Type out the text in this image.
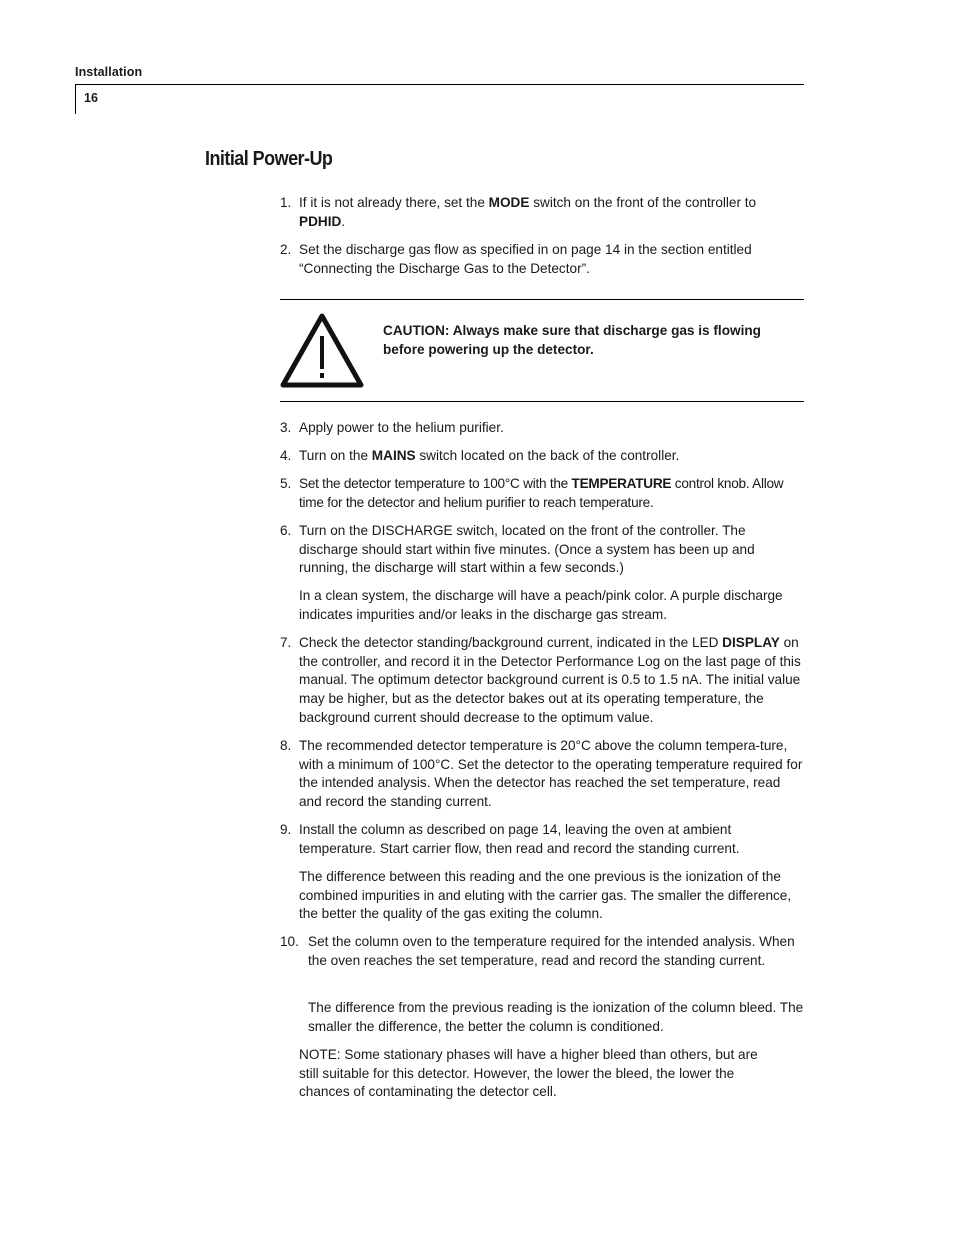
Installation
16
Initial Power-Up
1. If it is not already there, set the MODE switch on the front of the controller to PDHID.
2. Set the discharge gas flow as specified in on page 14 in the section entitled “Connecting the Discharge Gas to the Detector”.
CAUTION: Always make sure that discharge gas is flowing before powering up the detector.
3. Apply power to the helium purifier.
4. Turn on the MAINS switch located on the back of the controller.
5. Set the detector temperature to 100°C with the TEMPERATURE control knob. Allow time for the detector and helium purifier to reach temperature.
6. Turn on the DISCHARGE switch, located on the front of the controller. The discharge should start within five minutes. (Once a system has been up and running, the discharge will start within a few seconds.)
In a clean system, the discharge will have a peach/pink color. A purple discharge indicates impurities and/or leaks in the discharge gas stream.
7. Check the detector standing/background current, indicated in the LED DISPLAY on the controller, and record it in the Detector Performance Log on the last page of this manual. The optimum detector background current is 0.5 to 1.5 nA. The initial value may be higher, but as the detector bakes out at its operating temperature, the background current should decrease to the optimum value.
8. The recommended detector temperature is 20°C above the column tempera-ture, with a minimum of 100°C. Set the detector to the operating temperature required for the intended analysis. When the detector has reached the set temperature, read and record the standing current.
9. Install the column as described on page 14, leaving the oven at ambient temperature. Start carrier flow, then read and record the standing current.
The difference between this reading and the one previous is the ionization of the combined impurities in and eluting with the carrier gas. The smaller the difference, the better the quality of the gas exiting the column.
10. Set the column oven to the temperature required for the intended analysis. When the oven reaches the set temperature, read and record the standing current.
The difference from the previous reading is the ionization of the column bleed. The smaller the difference, the better the column is conditioned.
NOTE: Some stationary phases will have a higher bleed than others, but are still suitable for this detector. However, the lower the bleed, the lower the chances of contaminating the detector cell.
